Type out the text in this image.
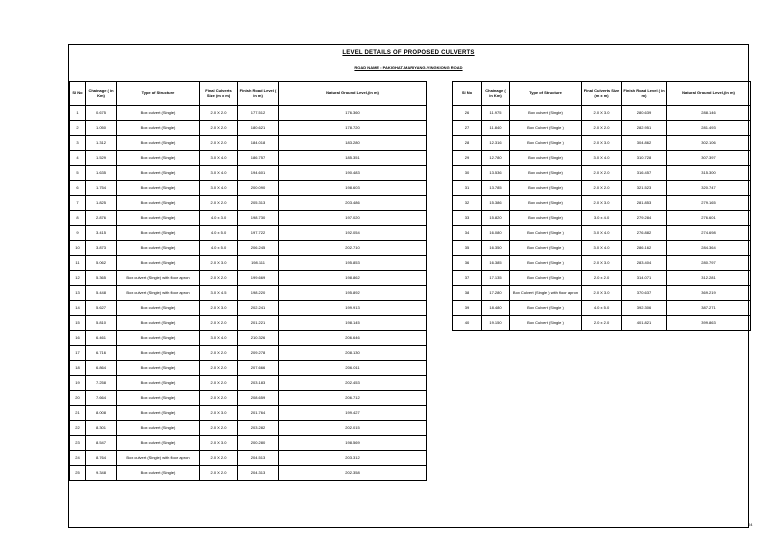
LEVEL DETAILS OF PROPOSED CULVERTS
ROAD NAME : PAKIGHAT-MARIYANG-YINGKIONG ROAD
Sl No	Chainage ( in Km)	Type of Structure	Final Culverts Size (m x m)	Finish Road Level ( in m)	Natural Ground Level,(in m)
1	0.675	Box culvert (Single)	2.0 X 2.0	177.512	176.360
2	1.050	Box culvert (Single)	2.0 X 2.0	180.621	178.720
3	1.312	Box culvert (Single)	2.0 X 2.0	184.018	183.280
4	1.529	Box culvert (Single)	3.0 X 4.0	186.757	185.351
5	1.635	Box culvert (Single)	3.0 X 4.0	194.601	190.483
6	1.754	Box culvert (Single)	3.0 X 4.0	200.090	198.603
7	1.825	Box culvert (Single)	2.0 X 2.0	205.313	203.486
8	2.876	Box culvert (Single)	4.0 x 3.0	198.730	197.020
9	3.415	Box culvert (Single)	4.0 x 5.0	197.722	192.054
10	3.873	Box culvert (Single)	4.0 x 5.0	206.245	202.710
11	5.062	Box culvert (Single)	2.0 X 3.0	198.111	195.853
12	5.365	Box culvert (Single) with floor apron	2.0 X 2.0	199.669	198.862
13	5.448	Box culvert (Single) with floor apron	3.0 X 4.5	198.220	195.892
14	5.627	Box culvert (Single)	2.0 X 3.0	202.241	199.913
15	5.810	Box culvert (Single)	2.0 X 2.0	201.221	198.145
16	6.461	Box culvert (Single)	3.0 X 4.0	210.326	206.646
17	6.716	Box culvert (Single)	2.0 X 2.0	209.278	208.130
18	6.864	Box culvert (Single)	2.0 X 2.0	207.666	206.011
19	7.258	Box culvert (Single)	2.0 X 2.0	203.183	202.453
20	7.664	Box culvert (Single)	2.0 X 2.0	208.659	206.712
21	8.008	Box culvert (Single)	2.0 X 3.0	201.764	199.427
22	8.301	Box culvert (Single)	2.0 X 2.0	203.282	202.015
23	8.547	Box culvert (Single)	2.0 X 3.0	200.280	198.569
24	8.764	Box culvert (Single) with floor apron	2.0 X 2.0	204.513	203.312
25	9.348	Box culvert (Single)	2.0 X 2.0	204.313	202.358
Sl No	Chainage ( in Km)	Type of Structure	Final Culverts Size (m x m)	Finish Road Level ( in m)	Natural Ground Level,(in m)
26	11.975	Box culvert (Single)	2.0 X 3.0	280.639	288.146
27	11.840	Box Culvert (Single )	2.0 X 2.0	282.951	281.493
28	12.316	Box Culvert (Single )	2.0 X 3.0	304.862	302.106
29	12.780	Box culvert (Single)	3.0 X 4.0	310.728	307.397
30	13.536	Box culvert (Single)	2.0 X 2.0	316.457	315.300
31	13.785	Box culvert (Single)	2.0 X 2.0	321.523	320.747
32	15.386	Box culvert (Single)	2.0 X 3.0	281.853	279.165
33	15.820	Box culvert (Single)	3.0 x 4.0	279.284	276.601
34	16.080	Box Culvert (Single )	3.0 X 4.0	276.882	274.698
35	16.350	Box Culvert (Single )	3.0 X 4.0	286.162	284.364
36	16.385	Box Culvert (Single )	2.0 X 3.0	283.404	280.797
37	17.135	Box Culvert (Single )	2.0 x 2.0	314.071	312.281
38	17.280	Box Culvert (Single ) with floor apron	2.0 X 3.0	370.637	369.219
39	18.480	Box Culvert (Single )	4.0 x 5.0	392.306	387.271
40	19.150	Box Culvert (Single )	2.0 x 2.0	401.821	399.863
04
